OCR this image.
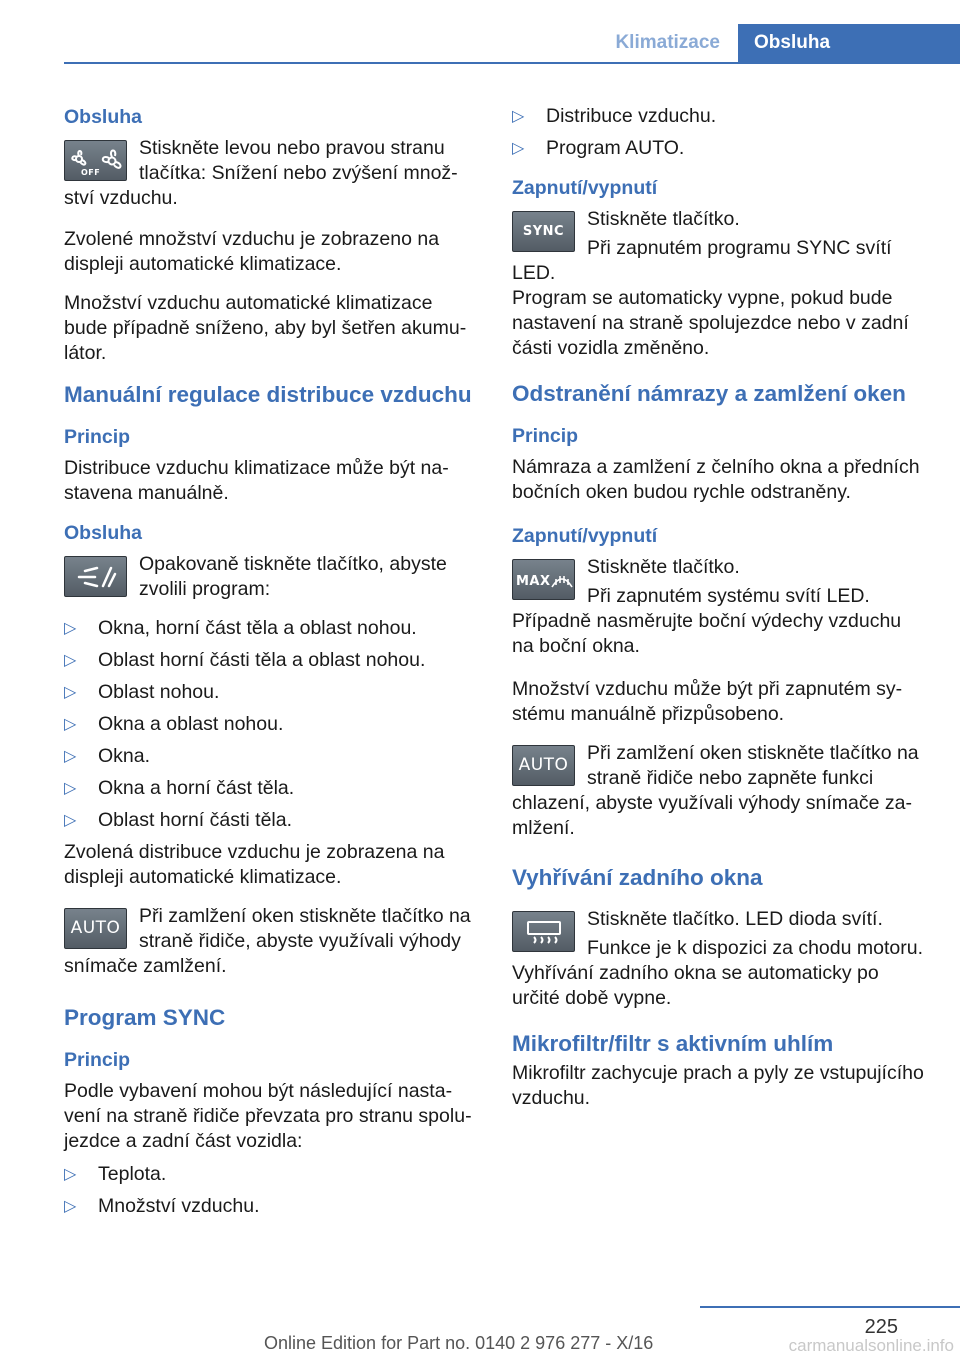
Klimatizace	Obsluha
Obsluha
OFF

Stiskněte levou nebo pravou stranu tlačítka: Snížení nebo zvýšení množství vzduchu.

Zvolené množství vzduchu je zobrazeno na displeji automatické klimatizace.

Množství vzduchu automatické klimatizace bude případně sníženo, aby byl šetřen akumulátor.

Manuální regulace distribuce vzduchu
Princip

Distribuce vzduchu klimatizace může být nastavena manuálně.

Obsluha

Opakovaně tiskněte tlačítko, abyste zvolili program:

▷ Okna, horní část těla a oblast nohou.
▷ Oblast horní části těla a oblast nohou.
▷ Oblast nohou.
▷ Okna a oblast nohou.
▷ Okna.
▷ Okna a horní část těla.
▷ Oblast horní části těla.

Zvolená distribuce vzduchu je zobrazena na displeji automatické klimatizace.

AUTO

Při zamlžení oken stiskněte tlačítko na straně řidiče, abyste využívali výhody snímače zamlžení.

Program SYNC
Princip

Podle vybavení mohou být následující nastavení na straně řidiče převzata pro stranu spolujezdce a zadní část vozidla:

▷ Teplota.
▷ Množství vzduchu.
▷ Distribuce vzduchu.
▷ Program AUTO.
Zapnutí/vypnutí
SYNC

Stiskněte tlačítko.

Při zapnutém programu SYNC svítí LED.

Program se automaticky vypne, pokud bude nastavení na straně spolujezdce nebo v zadní části vozidla změněno.

Odstranění námrazy a zamlžení oken
Princip

Námraza a zamlžení z čelního okna a předních bočních oken budou rychle odstraněny.

Zapnutí/vypnutí
MAX

Stiskněte tlačítko.

Při zapnutém systému svítí LED.

Případně nasměrujte boční výdechy vzduchu na boční okna.

Množství vzduchu může být při zapnutém systému manuálně přizpůsobeno.

AUTO

Při zamlžení oken stiskněte tlačítko na straně řidiče nebo zapněte funkci chlazení, abyste využívali výhody snímače zamlžení.

Vyhřívání zadního okna

Stiskněte tlačítko. LED dioda svítí.

Funkce je k dispozici za chodu motoru.

Vyhřívání zadního okna se automaticky po určité době vypne.

Mikrofiltr/filtr s aktivním uhlím

Mikrofiltr zachycuje prach a pyly ze vstupujícího vzduchu.

225
Online Edition for Part no. 0140 2 976 277 - X/16	carmanualsonline.info
